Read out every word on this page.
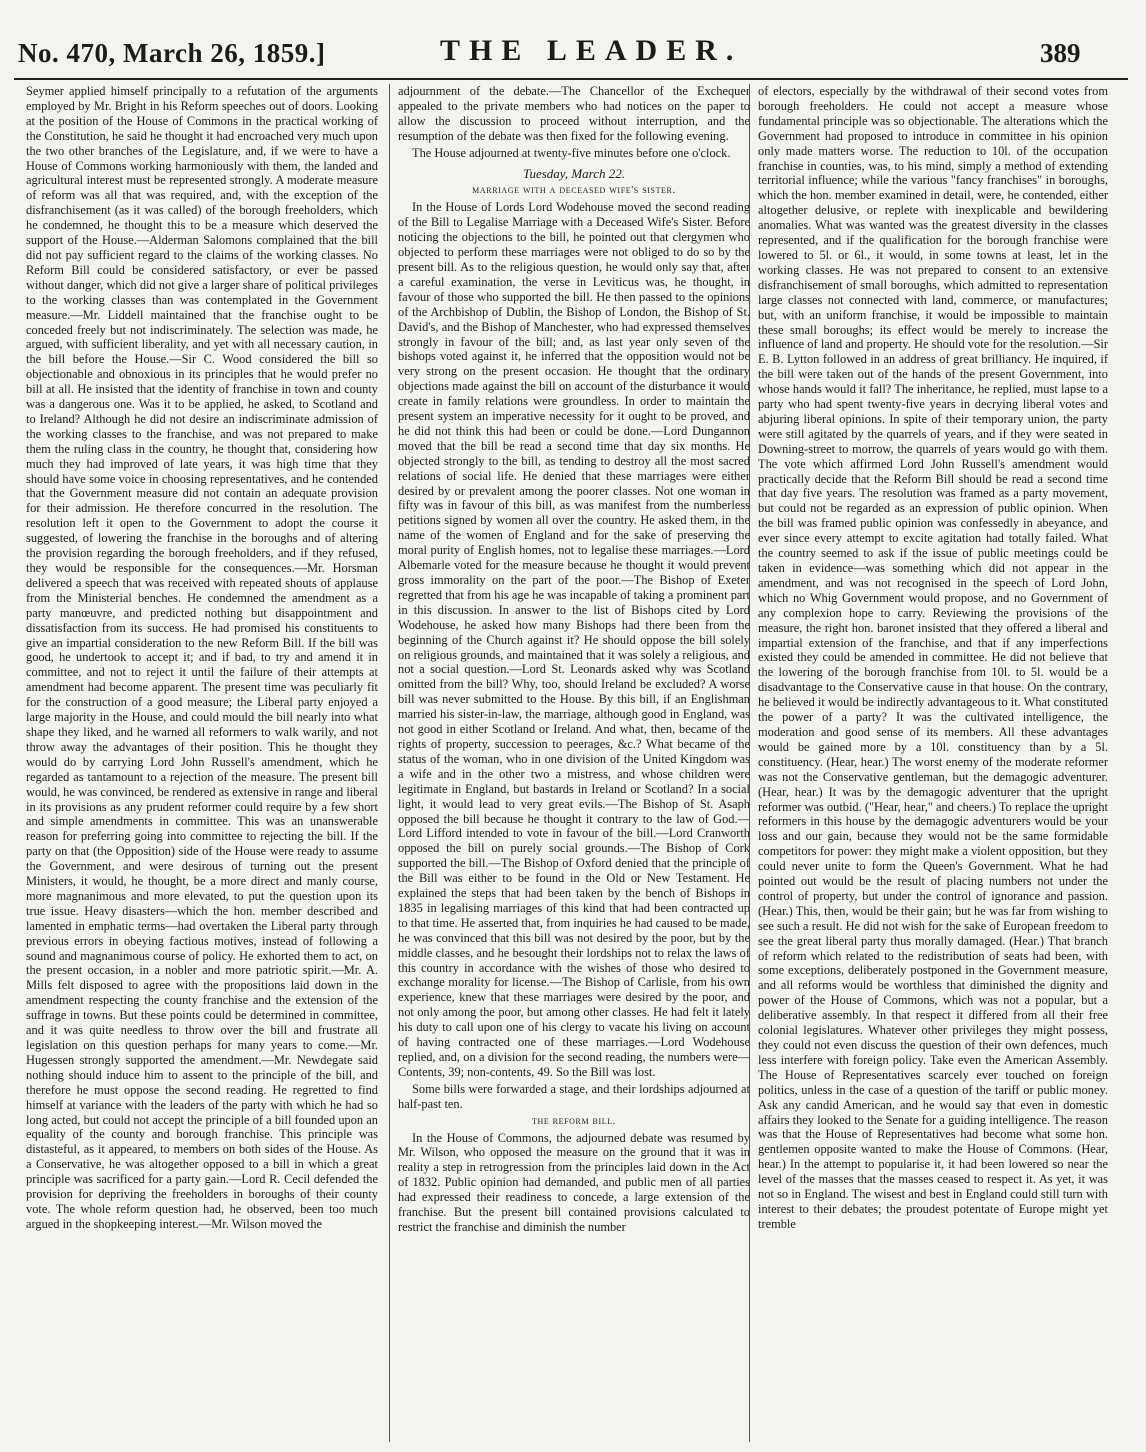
No. 470, March 26, 1859.]	THE LEADER.	389

Seymer applied himself principally to a refutation of the arguments employed by Mr. Bright in his Reform speeches out of doors. Looking at the position of the House of Commons in the practical working of the Constitution, he said he thought it had encroached very much upon the two other branches of the Legislature, and, if we were to have a House of Commons working harmoniously with them, the landed and agricultural interest must be represented strongly. A moderate measure of reform was all that was required, and, with the exception of the disfranchisement (as it was called) of the borough freeholders, which he condemned, he thought this to be a measure which deserved the support of the House.—Alderman Salomons complained that the bill did not pay sufficient regard to the claims of the working classes. No Reform Bill could be considered satisfactory, or ever be passed without danger, which did not give a larger share of political privileges to the working classes than was contemplated in the Government measure.—Mr. Liddell maintained that the franchise ought to be conceded freely but not indiscriminately. The selection was made, he argued, with sufficient liberality, and yet with all necessary caution, in the bill before the House.—Sir C. Wood considered the bill so objectionable and obnoxious in its principles that he would prefer no bill at all. He insisted that the identity of franchise in town and county was a dangerous one. Was it to be applied, he asked, to Scotland and to Ireland? Although he did not desire an indiscriminate admission of the working classes to the franchise, and was not prepared to make them the ruling class in the country, he thought that, considering how much they had improved of late years, it was high time that they should have some voice in choosing representatives, and he contended that the Government measure did not contain an adequate provision for their admission. He therefore concurred in the resolution. The resolution left it open to the Government to adopt the course it suggested, of lowering the franchise in the boroughs and of altering the provision regarding the borough freeholders, and if they refused, they would be responsible for the consequences.—Mr. Horsman delivered a speech that was received with repeated shouts of applause from the Ministerial benches. He condemned the amendment as a party manœuvre, and predicted nothing but disappointment and dissatisfaction from its success. He had promised his constituents to give an impartial consideration to the new Reform Bill. If the bill was good, he undertook to accept it; and if bad, to try and amend it in committee, and not to reject it until the failure of their attempts at amendment had become apparent. The present time was peculiarly fit for the construction of a good measure; the Liberal party enjoyed a large majority in the House, and could mould the bill nearly into what shape they liked, and he warned all reformers to walk warily, and not throw away the advantages of their position. This he thought they would do by carrying Lord John Russell's amendment, which he regarded as tantamount to a rejection of the measure. The present bill would, he was convinced, be rendered as extensive in range and liberal in its provisions as any prudent reformer could require by a few short and simple amendments in committee. This was an unanswerable reason for preferring going into committee to rejecting the bill. If the party on that (the Opposition) side of the House were ready to assume the Government, and were desirous of turning out the present Ministers, it would, he thought, be a more direct and manly course, more magnanimous and more elevated, to put the question upon its true issue. Heavy disasters—which the hon. member described and lamented in emphatic terms—had overtaken the Liberal party through previous errors in obeying factious motives, instead of following a sound and magnanimous course of policy. He exhorted them to act, on the present occasion, in a nobler and more patriotic spirit.—Mr. A. Mills felt disposed to agree with the propositions laid down in the amendment respecting the county franchise and the extension of the suffrage in towns. But these points could be determined in committee, and it was quite needless to throw over the bill and frustrate all legislation on this question perhaps for many years to come.—Mr. Hugessen strongly supported the amendment.—Mr. Newdegate said nothing should induce him to assent to the principle of the bill, and therefore he must oppose the second reading. He regretted to find himself at variance with the leaders of the party with which he had so long acted, but could not accept the principle of a bill founded upon an equality of the county and borough franchise. This principle was distasteful, as it appeared, to members on both sides of the House. As a Conservative, he was altogether opposed to a bill in which a great principle was sacrificed for a party gain.—Lord R. Cecil defended the provision for depriving the freeholders in boroughs of their county vote. The whole reform question had, he observed, been too much argued in the shopkeeping interest.—Mr. Wilson moved the

adjournment of the debate.—The Chancellor of the Exchequer appealed to the private members who had notices on the paper to allow the discussion to proceed without interruption, and the resumption of the debate was then fixed for the following evening.

The House adjourned at twenty-five minutes before one o'clock.

Tuesday, March 22.
marriage with a deceased wife's sister.

In the House of Lords Lord Wodehouse moved the second reading of the Bill to Legalise Marriage with a Deceased Wife's Sister. Before noticing the objections to the bill, he pointed out that clergymen who objected to perform these marriages were not obliged to do so by the present bill. As to the religious question, he would only say that, after a careful examination, the verse in Leviticus was, he thought, in favour of those who supported the bill. He then passed to the opinions of the Archbishop of Dublin, the Bishop of London, the Bishop of St. David's, and the Bishop of Manchester, who had expressed themselves strongly in favour of the bill; and, as last year only seven of the bishops voted against it, he inferred that the opposition would not be very strong on the present occasion. He thought that the ordinary objections made against the bill on account of the disturbance it would create in family relations were groundless. In order to maintain the present system an imperative necessity for it ought to be proved, and he did not think this had been or could be done.—Lord Dungannon moved that the bill be read a second time that day six months. He objected strongly to the bill, as tending to destroy all the most sacred relations of social life. He denied that these marriages were either desired by or prevalent among the poorer classes. Not one woman in fifty was in favour of this bill, as was manifest from the numberless petitions signed by women all over the country. He asked them, in the name of the women of England and for the sake of preserving the moral purity of English homes, not to legalise these marriages.—Lord Albemarle voted for the measure because he thought it would prevent gross immorality on the part of the poor.—The Bishop of Exeter regretted that from his age he was incapable of taking a prominent part in this discussion. In answer to the list of Bishops cited by Lord Wodehouse, he asked how many Bishops had there been from the beginning of the Church against it? He should oppose the bill solely on religious grounds, and maintained that it was solely a religious, and not a social question.—Lord St. Leonards asked why was Scotland omitted from the bill? Why, too, should Ireland be excluded? A worse bill was never submitted to the House. By this bill, if an Englishman married his sister-in-law, the marriage, although good in England, was not good in either Scotland or Ireland. And what, then, became of the rights of property, succession to peerages, &c.? What became of the status of the woman, who in one division of the United Kingdom was a wife and in the other two a mistress, and whose children were legitimate in England, but bastards in Ireland or Scotland? In a social light, it would lead to very great evils.—The Bishop of St. Asaph opposed the bill because he thought it contrary to the law of God.—Lord Lifford intended to vote in favour of the bill.—Lord Cranworth opposed the bill on purely social grounds.—The Bishop of Cork supported the bill.—The Bishop of Oxford denied that the principle of the Bill was either to be found in the Old or New Testament. He explained the steps that had been taken by the bench of Bishops in 1835 in legalising marriages of this kind that had been contracted up to that time. He asserted that, from inquiries he had caused to be made, he was convinced that this bill was not desired by the poor, but by the middle classes, and he besought their lordships not to relax the laws of this country in accordance with the wishes of those who desired to exchange morality for license.—The Bishop of Carlisle, from his own experience, knew that these marriages were desired by the poor, and not only among the poor, but among other classes. He had felt it lately his duty to call upon one of his clergy to vacate his living on account of having contracted one of these marriages.—Lord Wodehouse replied, and, on a division for the second reading, the numbers were—Contents, 39; non-contents, 49. So the Bill was lost.

Some bills were forwarded a stage, and their lordships adjourned at half-past ten.

the reform bill.

In the House of Commons, the adjourned debate was resumed by Mr. Wilson, who opposed the measure on the ground that it was in reality a step in retrogression from the principles laid down in the Act of 1832. Public opinion had demanded, and public men of all parties had expressed their readiness to concede, a large extension of the franchise. But the present bill contained provisions calculated to restrict the franchise and diminish the number

of electors, especially by the withdrawal of their second votes from borough freeholders. He could not accept a measure whose fundamental principle was so objectionable. The alterations which the Government had proposed to introduce in committee in his opinion only made matters worse. The reduction to 10l. of the occupation franchise in counties, was, to his mind, simply a method of extending territorial influence; while the various "fancy franchises" in boroughs, which the hon. member examined in detail, were, he contended, either altogether delusive, or replete with inexplicable and bewildering anomalies. What was wanted was the greatest diversity in the classes represented, and if the qualification for the borough franchise were lowered to 5l. or 6l., it would, in some towns at least, let in the working classes. He was not prepared to consent to an extensive disfranchisement of small boroughs, which admitted to representation large classes not connected with land, commerce, or manufactures; but, with an uniform franchise, it would be impossible to maintain these small boroughs; its effect would be merely to increase the influence of land and property. He should vote for the resolution.—Sir E. B. Lytton followed in an address of great brilliancy. He inquired, if the bill were taken out of the hands of the present Government, into whose hands would it fall? The inheritance, he replied, must lapse to a party who had spent twenty-five years in decrying liberal votes and abjuring liberal opinions. In spite of their temporary union, the party were still agitated by the quarrels of years, and if they were seated in Downing-street to morrow, the quarrels of years would go with them. The vote which affirmed Lord John Russell's amendment would practically decide that the Reform Bill should be read a second time that day five years. The resolution was framed as a party movement, but could not be regarded as an expression of public opinion. When the bill was framed public opinion was confessedly in abeyance, and ever since every attempt to excite agitation had totally failed. What the country seemed to ask if the issue of public meetings could be taken in evidence—was something which did not appear in the amendment, and was not recognised in the speech of Lord John, which no Whig Government would propose, and no Government of any complexion hope to carry. Reviewing the provisions of the measure, the right hon. baronet insisted that they offered a liberal and impartial extension of the franchise, and that if any imperfections existed they could be amended in committee. He did not believe that the lowering of the borough franchise from 10l. to 5l. would be a disadvantage to the Conservative cause in that house. On the contrary, he believed it would be indirectly advantageous to it. What constituted the power of a party? It was the cultivated intelligence, the moderation and good sense of its members. All these advantages would be gained more by a 10l. constituency than by a 5l. constituency. (Hear, hear.) The worst enemy of the moderate reformer was not the Conservative gentleman, but the demagogic adventurer. (Hear, hear.) It was by the demagogic adventurer that the upright reformer was outbid. ("Hear, hear," and cheers.) To replace the upright reformers in this house by the demagogic adventurers would be your loss and our gain, because they would not be the same formidable competitors for power: they might make a violent opposition, but they could never unite to form the Queen's Government. What he had pointed out would be the result of placing numbers not under the control of property, but under the control of ignorance and passion. (Hear.) This, then, would be their gain; but he was far from wishing to see such a result. He did not wish for the sake of European freedom to see the great liberal party thus morally damaged. (Hear.) That branch of reform which related to the redistribution of seats had been, with some exceptions, deliberately postponed in the Government measure, and all reforms would be worthless that diminished the dignity and power of the House of Commons, which was not a popular, but a deliberative assembly. In that respect it differed from all their free colonial legislatures. Whatever other privileges they might possess, they could not even discuss the question of their own defences, much less interfere with foreign policy. Take even the American Assembly. The House of Representatives scarcely ever touched on foreign politics, unless in the case of a question of the tariff or public money. Ask any candid American, and he would say that even in domestic affairs they looked to the Senate for a guiding intelligence. The reason was that the House of Representatives had become what some hon. gentlemen opposite wanted to make the House of Commons. (Hear, hear.) In the attempt to popularise it, it had been lowered so near the level of the masses that the masses ceased to respect it. As yet, it was not so in England. The wisest and best in England could still turn with interest to their debates; the proudest potentate of Europe might yet tremble
